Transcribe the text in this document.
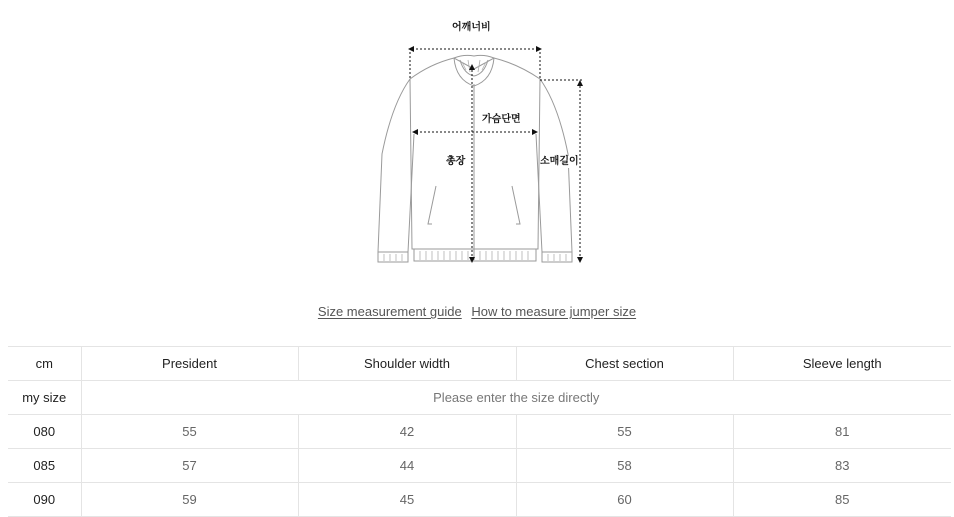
어깨너비
가슴단면
총장	소매길이
Size measurement guide How to measure jumper size
cm	President	Shoulder width	Chest section	Sleeve length
my size	Please enter the size directly			
080	55	42	55	81
085	57	44	58	83
090	59	45	60	85
